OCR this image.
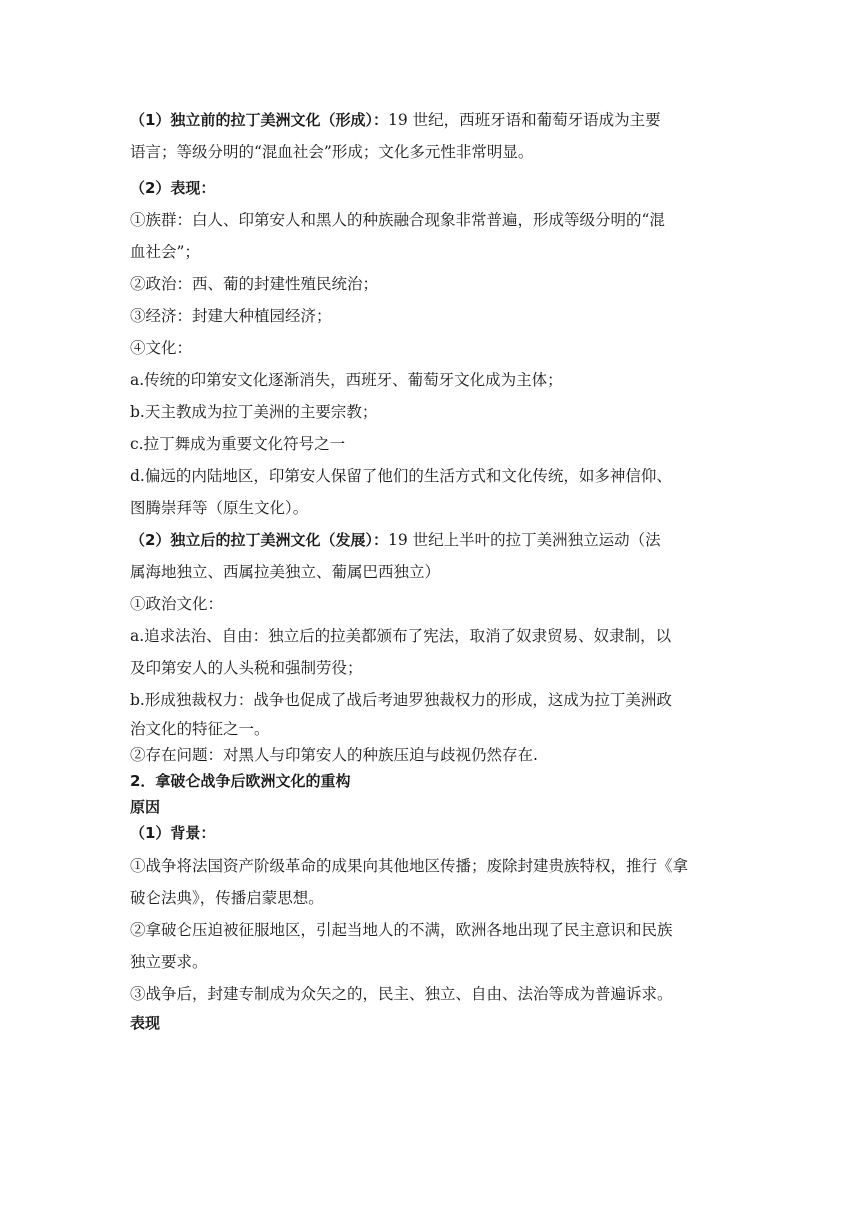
（1）独立前的拉丁美洲文化（形成）：19 世纪，西班牙语和葡萄牙语成为主要
语言；等级分明的“混血社会”形成；文化多元性非常明显。
（2）表现：
①族群：白人、印第安人和黑人的种族融合现象非常普遍，形成等级分明的“混
血社会”；
②政治：西、葡的封建性殖民统治；
③经济：封建大种植园经济；
④文化：
a.传统的印第安文化逐渐消失，西班牙、葡萄牙文化成为主体；
b.天主教成为拉丁美洲的主要宗教；
c.拉丁舞成为重要文化符号之一
d.偏远的内陆地区，印第安人保留了他们的生活方式和文化传统，如多神信仰、
图腾崇拜等（原生文化）。
（2）独立后的拉丁美洲文化（发展）：19 世纪上半叶的拉丁美洲独立运动（法
属海地独立、西属拉美独立、葡属巴西独立）
①政治文化：
a.追求法治、自由：独立后的拉美都颁布了宪法，取消了奴隶贸易、奴隶制，以
及印第安人的人头税和强制劳役；
b.形成独裁权力：战争也促成了战后考迪罗独裁权力的形成，这成为拉丁美洲政
治文化的特征之一。
②存在问题：对黑人与印第安人的种族压迫与歧视仍然存在.
2．拿破仑战争后欧洲文化的重构
原因
（1）背景：
①战争将法国资产阶级革命的成果向其他地区传播；废除封建贵族特权，推行《拿
破仑法典》，传播启蒙思想。
②拿破仑压迫被征服地区，引起当地人的不满，欧洲各地出现了民主意识和民族
独立要求。
③战争后，封建专制成为众矢之的，民主、独立、自由、法治等成为普遍诉求。
表现
